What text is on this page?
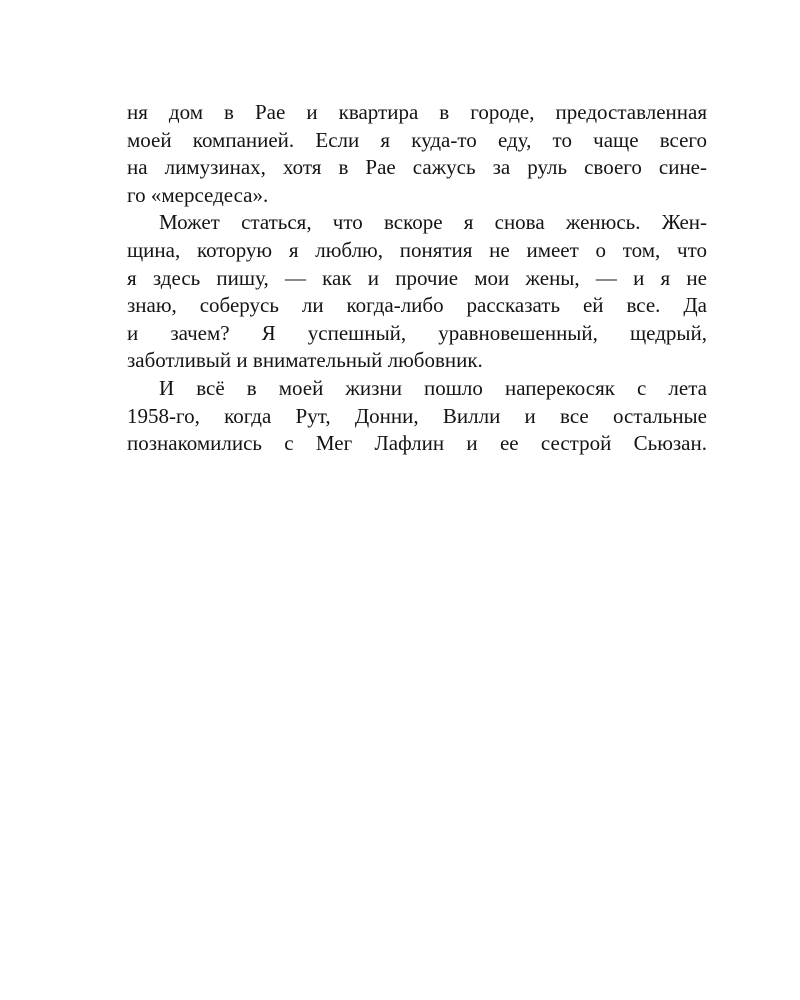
ня дом в Рае и квартира в городе, предоставленная
моей компанией. Если я куда-то еду, то чаще всего
на лимузинах, хотя в Рае сажусь за руль своего сине-
го «мерседеса».
Может статься, что вскоре я снова женюсь. Жен-
щина, которую я люблю, понятия не имеет о том, что
я здесь пишу, — как и прочие мои жены, — и я не
знаю, соберусь ли когда-либо рассказать ей все. Да
и зачем? Я успешный, уравновешенный, щедрый,
заботливый и внимательный любовник.
И всё в моей жизни пошло наперекосяк с лета
1958-го, когда Рут, Донни, Вилли и все остальные
познакомились с Мег Лафлин и ее сестрой Сьюзан.
